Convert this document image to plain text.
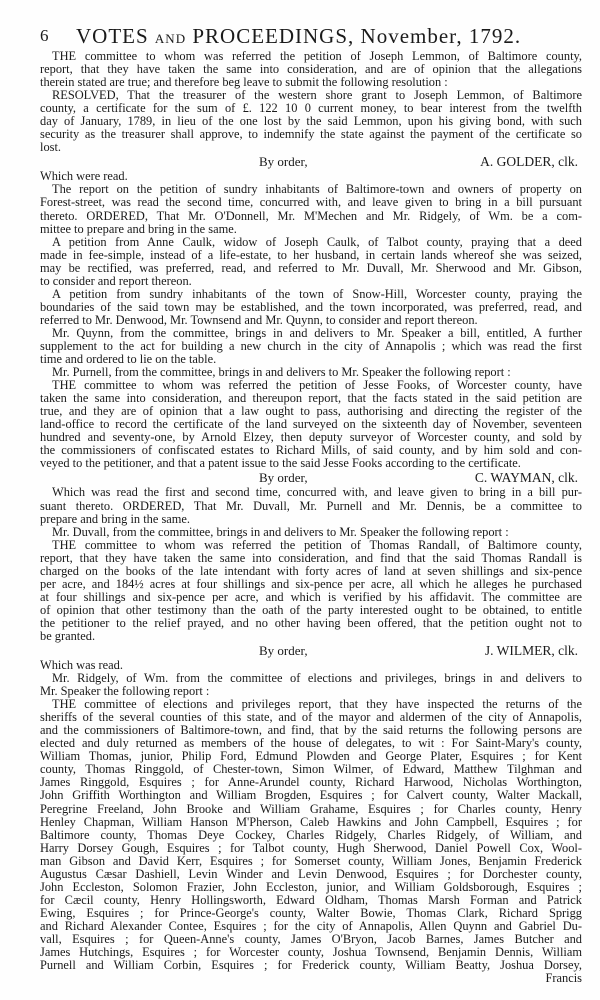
6 VOTES AND PROCEEDINGS, November, 1792.
THE committee to whom was referred the petition of Joseph Lemmon, of Baltimore county,
report, that they have taken the same into consideration, and are of opinion that the allegations
therein stated are true; and therefore beg leave to submit the following resolution :
RESOLVED, That the treasurer of the western shore grant to Joseph Lemmon, of Baltimore
county, a certificate for the sum of £. 122 10 0 current money, to bear interest from the twelfth
day of January, 1789, in lieu of the one lost by the said Lemmon, upon his giving bond, with such
security as the treasurer shall approve, to indemnify the state against the payment of the certificate so
lost.
By order,	A. GOLDER, clk.
Which were read.
The report on the petition of sundry inhabitants of Baltimore-town and owners of property on
Forest-street, was read the second time, concurred with, and leave given to bring in a bill pursuant
thereto. ORDERED, That Mr. O'Donnell, Mr. M'Mechen and Mr. Ridgely, of Wm. be a com-
mittee to prepare and bring in the same.
A petition from Anne Caulk, widow of Joseph Caulk, of Talbot county, praying that a deed
made in fee-simple, instead of a life-estate, to her husband, in certain lands whereof she was seized,
may be rectified, was preferred, read, and referred to Mr. Duvall, Mr. Sherwood and Mr. Gibson,
to consider and report thereon.
A petition from sundry inhabitants of the town of Snow-Hill, Worcester county, praying the
boundaries of the said town may be established, and the town incorporated, was preferred, read, and
referred to Mr. Denwood, Mr. Townsend and Mr. Quynn, to consider and report thereon.
Mr. Quynn, from the committee, brings in and delivers to Mr. Speaker a bill, entitled, A further
supplement to the act for building a new church in the city of Annapolis ; which was read the first
time and ordered to lie on the table.
Mr. Purnell, from the committee, brings in and delivers to Mr. Speaker the following report :
THE committee to whom was referred the petition of Jesse Fooks, of Worcester county, have
taken the same into consideration, and thereupon report, that the facts stated in the said petition are
true, and they are of opinion that a law ought to pass, authorising and directing the register of the
land-office to record the certificate of the land surveyed on the sixteenth day of November, seventeen
hundred and seventy-one, by Arnold Elzey, then deputy surveyor of Worcester county, and sold by
the commissioners of confiscated estates to Richard Mills, of said county, and by him sold and con-
veyed to the petitioner, and that a patent issue to the said Jesse Fooks according to the certificate.
By order,	C. WAYMAN, clk.
Which was read the first and second time, concurred with, and leave given to bring in a bill pur-
suant thereto. ORDERED, That Mr. Duvall, Mr. Purnell and Mr. Dennis, be a committee to
prepare and bring in the same.
Mr. Duvall, from the committee, brings in and delivers to Mr. Speaker the following report :
THE committee to whom was referred the petition of Thomas Randall, of Baltimore county,
report, that they have taken the same into consideration, and find that the said Thomas Randall is
charged on the books of the late intendant with forty acres of land at seven shillings and six-pence
per acre, and 184½ acres at four shillings and six-pence per acre, all which he alleges he purchased
at four shillings and six-pence per acre, and which is verified by his affidavit. The committee are
of opinion that other testimony than the oath of the party interested ought to be obtained, to entitle
the petitioner to the relief prayed, and no other having been offered, that the petition ought not to
be granted.
By order,	J. WILMER, clk.
Which was read.
Mr. Ridgely, of Wm. from the committee of elections and privileges, brings in and delivers to
Mr. Speaker the following report :
THE committee of elections and privileges report, that they have inspected the returns of the
sheriffs of the several counties of this state, and of the mayor and aldermen of the city of Annapolis,
and the commissioners of Baltimore-town, and find, that by the said returns the following persons are
elected and duly returned as members of the house of delegates, to wit : For Saint-Mary's county,
William Thomas, junior, Philip Ford, Edmund Plowden and George Plater, Esquires ; for Kent
county, Thomas Ringgold, of Chester-town, Simon Wilmer, of Edward, Matthew Tilghman and
James Ringgold, Esquires ; for Anne-Arundel county, Richard Harwood, Nicholas Worthington,
John Griffith Worthington and William Brogden, Esquires ; for Calvert county, Walter Mackall,
Peregrine Freeland, John Brooke and William Grahame, Esquires ; for Charles county, Henry
Henley Chapman, William Hanson M'Pherson, Caleb Hawkins and John Campbell, Esquires ; for
Baltimore county, Thomas Deye Cockey, Charles Ridgely, Charles Ridgely, of William, and
Harry Dorsey Gough, Esquires ; for Talbot county, Hugh Sherwood, Daniel Powell Cox, Wool-
man Gibson and David Kerr, Esquires ; for Somerset county, William Jones, Benjamin Frederick
Augustus Cæsar Dashiell, Levin Winder and Levin Denwood, Esquires ; for Dorchester county,
John Eccleston, Solomon Frazier, John Eccleston, junior, and William Goldsborough, Esquires ;
for Cæcil county, Henry Hollingsworth, Edward Oldham, Thomas Marsh Forman and Patrick
Ewing, Esquires ; for Prince-George's county, Walter Bowie, Thomas Clark, Richard Sprigg
and Richard Alexander Contee, Esquires ; for the city of Annapolis, Allen Quynn and Gabriel Du-
vall, Esquires ; for Queen-Anne's county, James O'Bryon, Jacob Barnes, James Butcher and
James Hutchings, Esquires ; for Worcester county, Joshua Townsend, Benjamin Dennis, William
Purnell and William Corbin, Esquires ; for Frederick county, William Beatty, Joshua Dorsey,
Francis
